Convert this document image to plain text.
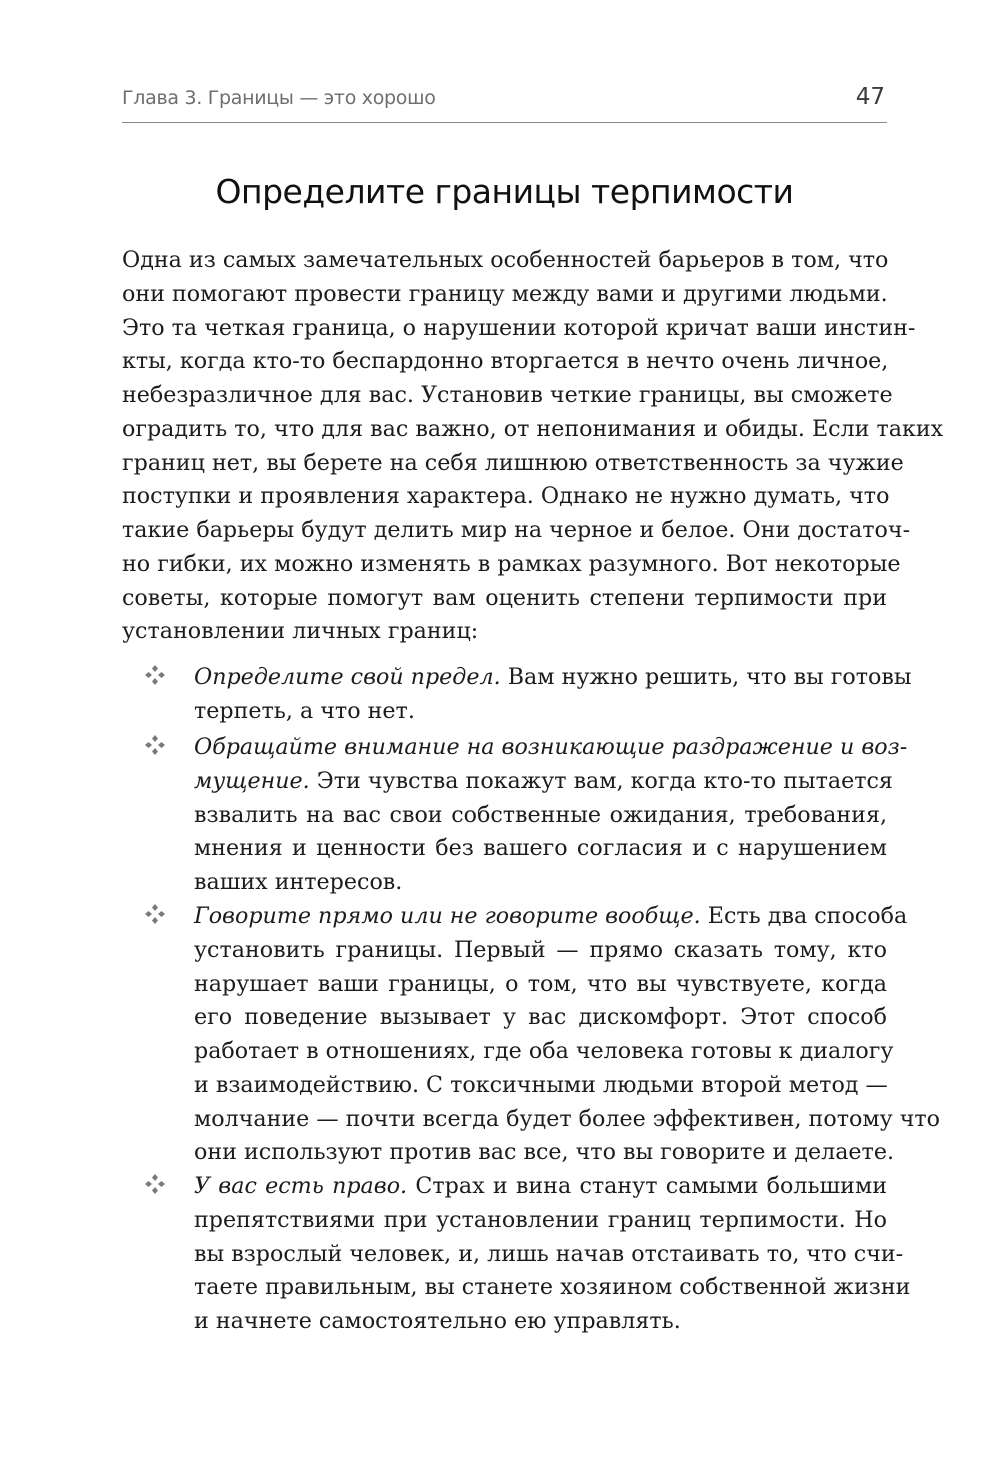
Глава 3. Границы — это хорошо	47
Определите границы терпимости
Одна из самых замечательных особенностей барьеров в том, что
они помогают провести границу между вами и другими людьми.
Это та четкая граница, о нарушении которой кричат ваши инстин-
кты, когда кто-то беспардонно вторгается в нечто очень личное,
небезразличное для вас. Установив четкие границы, вы сможете
оградить то, что для вас важно, от непонимания и обиды. Если таких
границ нет, вы берете на себя лишнюю ответственность за чужие
поступки и проявления характера. Однако не нужно думать, что
такие барьеры будут делить мир на черное и белое. Они достаточ-
но гибки, их можно изменять в рамках разумного. Вот некоторые
советы, которые помогут вам оценить степени терпимости при
установлении личных границ:
Определите свой предел. Вам нужно решить, что вы готовы
терпеть, а что нет.
Обращайте внимание на возникающие раздражение и воз-
мущение. Эти чувства покажут вам, когда кто-то пытается
взвалить на вас свои собственные ожидания, требования,
мнения и ценности без вашего согласия и с нарушением
ваших интересов.
Говорите прямо или не говорите вообще. Есть два способа
установить границы. Первый — прямо сказать тому, кто
нарушает ваши границы, о том, что вы чувствуете, когда
его поведение вызывает у вас дискомфорт. Этот способ
работает в отношениях, где оба человека готовы к диалогу
и взаимодействию. С токсичными людьми второй метод —
молчание — почти всегда будет более эффективен, потому что
они используют против вас все, что вы говорите и делаете.
У вас есть право. Страх и вина станут самыми большими
препятствиями при установлении границ терпимости. Но
вы взрослый человек, и, лишь начав отстаивать то, что счи-
таете правильным, вы станете хозяином собственной жизни
и начнете самостоятельно ею управлять.
